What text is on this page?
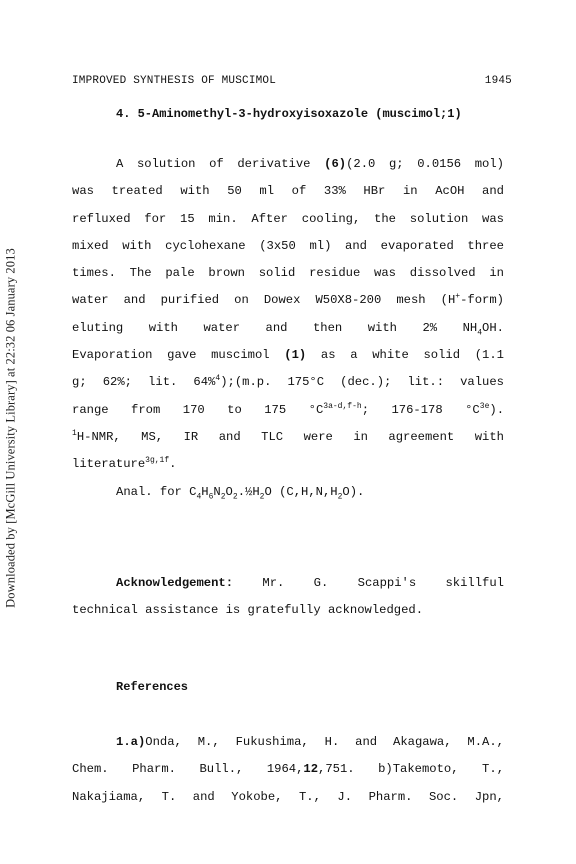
Downloaded by [McGill University Library] at 22:32 06 January 2013
IMPROVED SYNTHESIS OF MUSCIMOL	1945
4. 5-Aminomethyl-3-hydroxyisoxazole (muscimol;1)
A solution of derivative (6)(2.0 g; 0.0156 mol)
was treated with 50 ml of 33% HBr in AcOH and
refluxed for 15 min. After cooling, the solution was
mixed with cyclohexane (3x50 ml) and evaporated three
times. The pale brown solid residue was dissolved in
water and purified on Dowex W50X8-200 mesh (H+-form)
eluting with water and then with 2% $NH_4OH$.
Evaporation gave muscimol (1) as a white solid (1.1
g; 62%; lit. 64%$^4$);(m.p. 175°C (dec.); lit.: values
range from 170 to 175 $^\circ C^{3a-d,f-h}$; 176-178 $^\circ C^{3e}$).
$^1$H-NMR, MS, IR and TLC were in agreement with
literature$^{3g,1f}$.
Anal. for $C_4H_6N_2O_2.\frac{1}{2}H_2O$ $(C,H,N,H_2O)$.
Acknowledgement: Mr. G. Scappi's skillful
technical assistance is gratefully acknowledged.
References
1.a)Onda, M., Fukushima, H. and Akagawa, M.A.,
Chem. Pharm. Bull., 1964,12,751. b)Takemoto, T.,
Nakajiama, T. and Yokobe, T., J. Pharm. Soc. Jpn,
